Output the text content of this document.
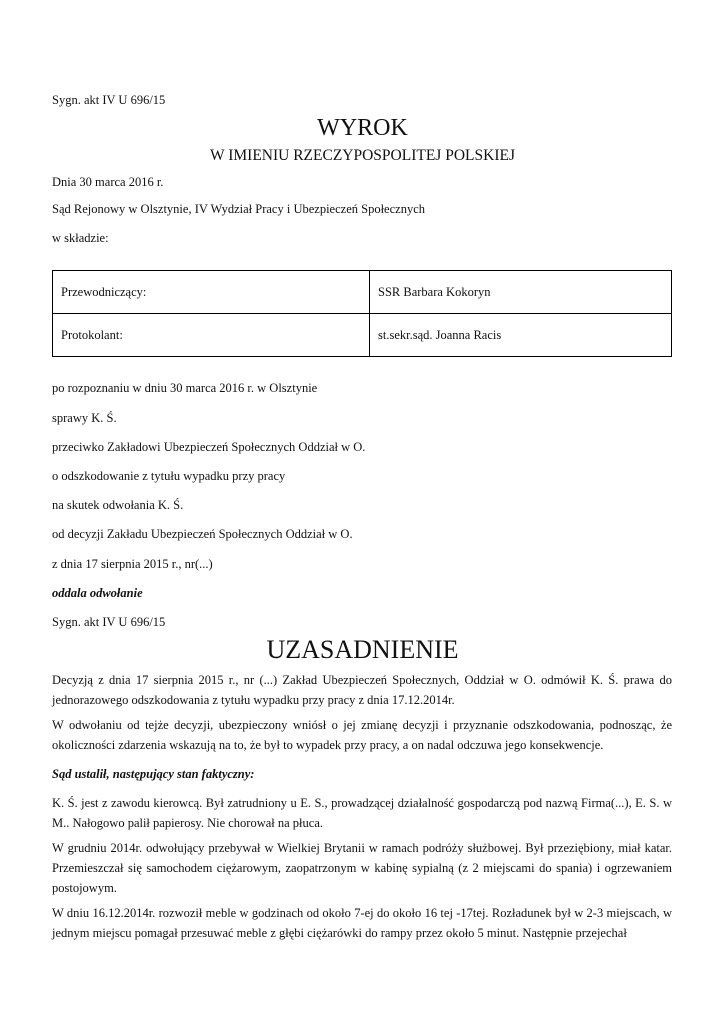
Sygn. akt IV U 696/15
WYROK
W IMIENIU RZECZYPOSPOLITEJ POLSKIEJ
Dnia 30 marca 2016 r.
Sąd Rejonowy w Olsztynie, IV Wydział Pracy i Ubezpieczeń Społecznych
w składzie:
Przewodniczący:	SSR Barbara Kokoryn
Protokolant:	st.sekr.sąd. Joanna Racis
po rozpoznaniu w dniu 30 marca 2016 r. w Olsztynie
sprawy K. Ś.
przeciwko Zakładowi Ubezpieczeń Społecznych Oddział w O.
o odszkodowanie z tytułu wypadku przy pracy
na skutek odwołania K. Ś.
od decyzji Zakładu Ubezpieczeń Społecznych Oddział w O.
z dnia 17 sierpnia 2015 r., nr(...)
oddala odwołanie
Sygn. akt IV U 696/15
UZASADNIENIE
Decyzją z dnia 17 sierpnia 2015 r., nr (...) Zakład Ubezpieczeń Społecznych, Oddział w O. odmówił K. Ś. prawa do jednorazowego odszkodowania z tytułu wypadku przy pracy z dnia 17.12.2014r.
W odwołaniu od tejże decyzji, ubezpieczony wniósł o jej zmianę decyzji i przyznanie odszkodowania, podnosząc, że okoliczności zdarzenia wskazują na to, że był to wypadek przy pracy, a on nadal odczuwa jego konsekwencje.
Sąd ustalił, następujący stan faktyczny:
K. Ś. jest z zawodu kierowcą. Był zatrudniony u E. S., prowadzącej działalność gospodarczą pod nazwą Firma(...), E. S. w M.. Nałogowo palił papierosy. Nie chorował na płuca.
W grudniu 2014r. odwołujący przebywał w Wielkiej Brytanii w ramach podróży służbowej. Był przeziębiony, miał katar. Przemieszczał się samochodem ciężarowym, zaopatrzonym w kabinę sypialną (z 2 miejscami do spania) i ogrzewaniem postojowym.
W dniu 16.12.2014r. rozwoził meble w godzinach od około 7-ej do około 16 tej -17tej. Rozładunek był w 2-3 miejscach, w jednym miejscu pomagał przesuwać meble z głębi ciężarówki do rampy przez około 5 minut. Następnie przejechał
